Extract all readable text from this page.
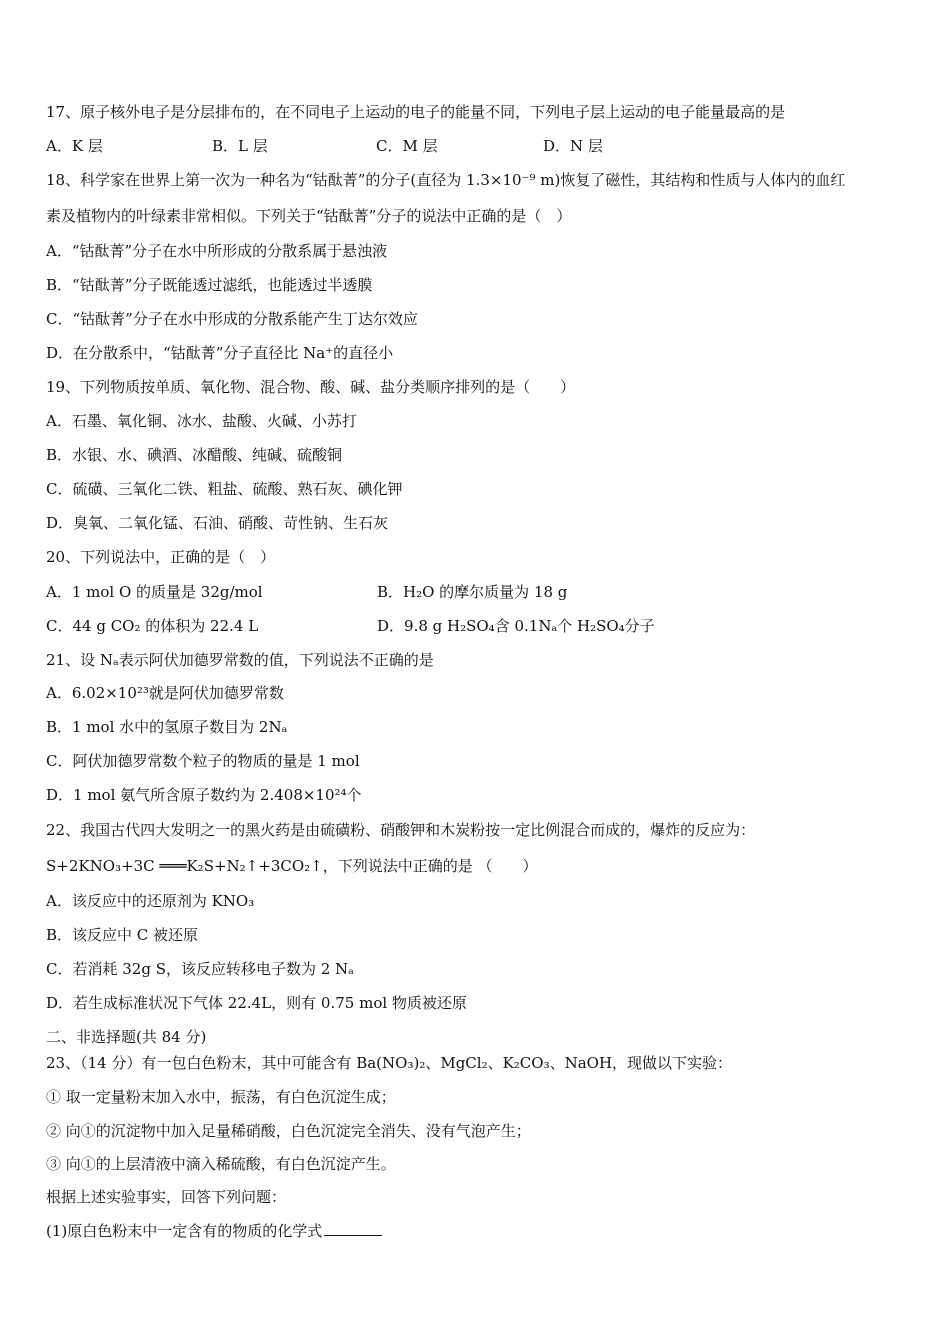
17、原子核外电子是分层排布的，在不同电子上运动的电子的能量不同，下列电子层上运动的电子能量最高的是
A．K 层	B．L 层	C．M 层	D．N 层
18、科学家在世界上第一次为一种名为“钴酞菁”的分子(直径为 1.3×10⁻⁹ m)恢复了磁性，其结构和性质与人体内的血红
素及植物内的叶绿素非常相似。下列关于“钴酞菁”分子的说法中正确的是（　）
A．“钴酞菁”分子在水中所形成的分散系属于悬浊液
B．“钴酞菁”分子既能透过滤纸，也能透过半透膜
C．“钴酞菁”分子在水中形成的分散系能产生丁达尔效应
D．在分散系中，“钴酞菁”分子直径比 Na⁺的直径小
19、下列物质按单质、氧化物、混合物、酸、碱、盐分类顺序排列的是（　　）
A．石墨、氧化铜、冰水、盐酸、火碱、小苏打
B．水银、水、碘酒、冰醋酸、纯碱、硫酸铜
C．硫磺、三氧化二铁、粗盐、硫酸、熟石灰、碘化钾
D．臭氧、二氧化锰、石油、硝酸、苛性钠、生石灰
20、下列说法中，正确的是（　）
A．1 mol O 的质量是 32g/mol	B．H₂O 的摩尔质量为 18 g
C．44 g CO₂ 的体积为 22.4 L	D．9.8 g H₂SO₄含 0.1Nₐ个 H₂SO₄分子
21、设 Nₐ表示阿伏加德罗常数的值，下列说法不正确的是
A．6.02×10²³就是阿伏加德罗常数
B．1 mol 水中的氢原子数目为 2Nₐ
C．阿伏加德罗常数个粒子的物质的量是 1 mol
D．1 mol 氨气所含原子数约为 2.408×10²⁴个
22、我国古代四大发明之一的黑火药是由硫磺粉、硝酸钾和木炭粉按一定比例混合而成的，爆炸的反应为：
S+2KNO₃+3C ═══K₂S+N₂↑+3CO₂↑，下列说法中正确的是 （　　）
A．该反应中的还原剂为 KNO₃
B．该反应中 C 被还原
C．若消耗 32g S，该反应转移电子数为 2 Nₐ
D．若生成标准状况下气体 22.4L，则有 0.75 mol 物质被还原
二、非选择题(共 84 分)
23、（14 分）有一包白色粉末，其中可能含有 Ba(NO₃)₂、MgCl₂、K₂CO₃、NaOH，现做以下实验：
① 取一定量粉末加入水中，振荡，有白色沉淀生成；
② 向①的沉淀物中加入足量稀硝酸，白色沉淀完全消失、没有气泡产生；
③ 向①的上层清液中滴入稀硫酸，有白色沉淀产生。
根据上述实验事实，回答下列问题：
(1)原白色粉末中一定含有的物质的化学式
